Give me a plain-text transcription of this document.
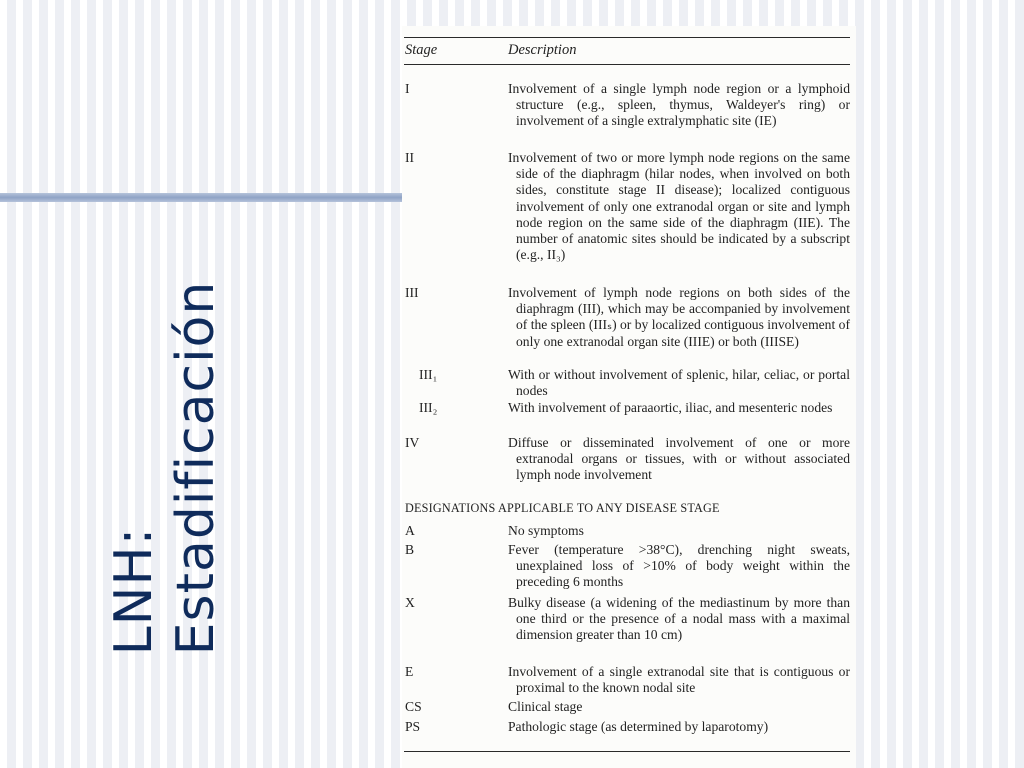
LNH: Estadificación
Stage	Description
I	Involvement of a single lymph node region or a lymphoid structure (e.g., spleen, thymus, Waldeyer's ring) or involvement of a single extralymphatic site (IE)
II	Involvement of two or more lymph node regions on the same side of the diaphragm (hilar nodes, when involved on both sides, constitute stage II disease); localized contiguous involvement of only one extranodal organ or site and lymph node region on the same side of the diaphragm (IIE). The number of anatomic sites should be indicated by a subscript (e.g., II₃)
III	Involvement of lymph node regions on both sides of the diaphragm (III), which may be accompanied by involvement of the spleen (IIIₛ) or by localized contiguous involvement of only one extranodal organ site (IIIE) or both (IIISE)
III₁	With or without involvement of splenic, hilar, celiac, or portal nodes
III₂	With involvement of paraaortic, iliac, and mesenteric nodes
IV	Diffuse or disseminated involvement of one or more extranodal organs or tissues, with or without associated lymph node involvement
DESIGNATIONS APPLICABLE TO ANY DISEASE STAGE
A	No symptoms
B	Fever (temperature >38°C), drenching night sweats, unexplained loss of >10% of body weight within the preceding 6 months
X	Bulky disease (a widening of the mediastinum by more than one third or the presence of a nodal mass with a maximal dimension greater than 10 cm)
E	Involvement of a single extranodal site that is contiguous or proximal to the known nodal site
CS	Clinical stage
PS	Pathologic stage (as determined by laparotomy)
